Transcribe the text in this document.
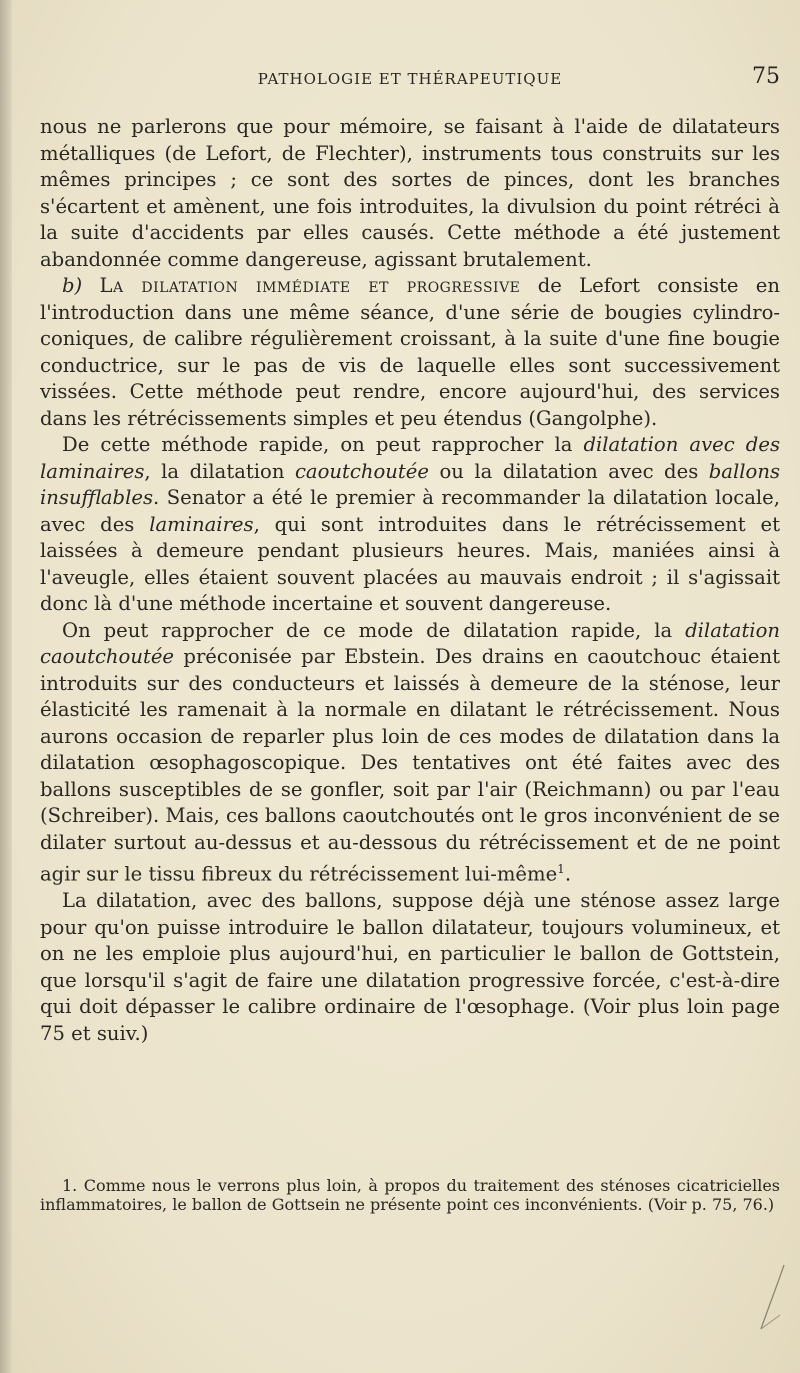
PATHOLOGIE ET THÉRAPEUTIQUE	75

nous ne parlerons que pour mémoire, se faisant à l'aide de dilatateurs métalliques (de Lefort, de Flechter), instruments tous construits sur les mêmes principes ; ce sont des sortes de pinces, dont les branches s'écartent et amènent, une fois introduites, la divulsion du point rétréci à la suite d'accidents par elles causés. Cette méthode a été justement abandonnée comme dangereuse, agissant brutalement.

b) La dilatation immédiate et progressive de Lefort consiste en l'introduction dans une même séance, d'une série de bougies cylindro-coniques, de calibre régulièrement croissant, à la suite d'une fine bougie conductrice, sur le pas de vis de laquelle elles sont successivement vissées. Cette méthode peut rendre, encore aujourd'hui, des services dans les rétrécissements simples et peu étendus (Gangolphe).

De cette méthode rapide, on peut rapprocher la dilatation avec des laminaires, la dilatation caoutchoutée ou la dilatation avec des ballons insufflables. Senator a été le premier à recommander la dilatation locale, avec des laminaires, qui sont introduites dans le rétrécissement et laissées à demeure pendant plusieurs heures. Mais, maniées ainsi à l'aveugle, elles étaient souvent placées au mauvais endroit ; il s'agissait donc là d'une méthode incertaine et souvent dangereuse.

On peut rapprocher de ce mode de dilatation rapide, la dilatation caoutchoutée préconisée par Ebstein. Des drains en caoutchouc étaient introduits sur des conducteurs et laissés à demeure de la sténose, leur élasticité les ramenait à la normale en dilatant le rétrécissement. Nous aurons occasion de reparler plus loin de ces modes de dilatation dans la dilatation œsophagoscopique. Des tentatives ont été faites avec des ballons susceptibles de se gonfler, soit par l'air (Reichmann) ou par l'eau (Schreiber). Mais, ces ballons caoutchoutés ont le gros inconvénient de se dilater surtout au-dessus et au-dessous du rétrécissement et de ne point agir sur le tissu fibreux du rétrécissement lui-même$^1$.

La dilatation, avec des ballons, suppose déjà une sténose assez large pour qu'on puisse introduire le ballon dilatateur, toujours volumineux, et on ne les emploie plus aujourd'hui, en particulier le ballon de Gottstein, que lorsqu'il s'agit de faire une dilatation progressive forcée, c'est-à-dire qui doit dépasser le calibre ordinaire de l'œsophage. (Voir plus loin page 75 et suiv.)

1. Comme nous le verrons plus loin, à propos du traitement des sténoses cicatricielles inflammatoires, le ballon de Gottsein ne présente point ces inconvénients. (Voir p. 75, 76.)
